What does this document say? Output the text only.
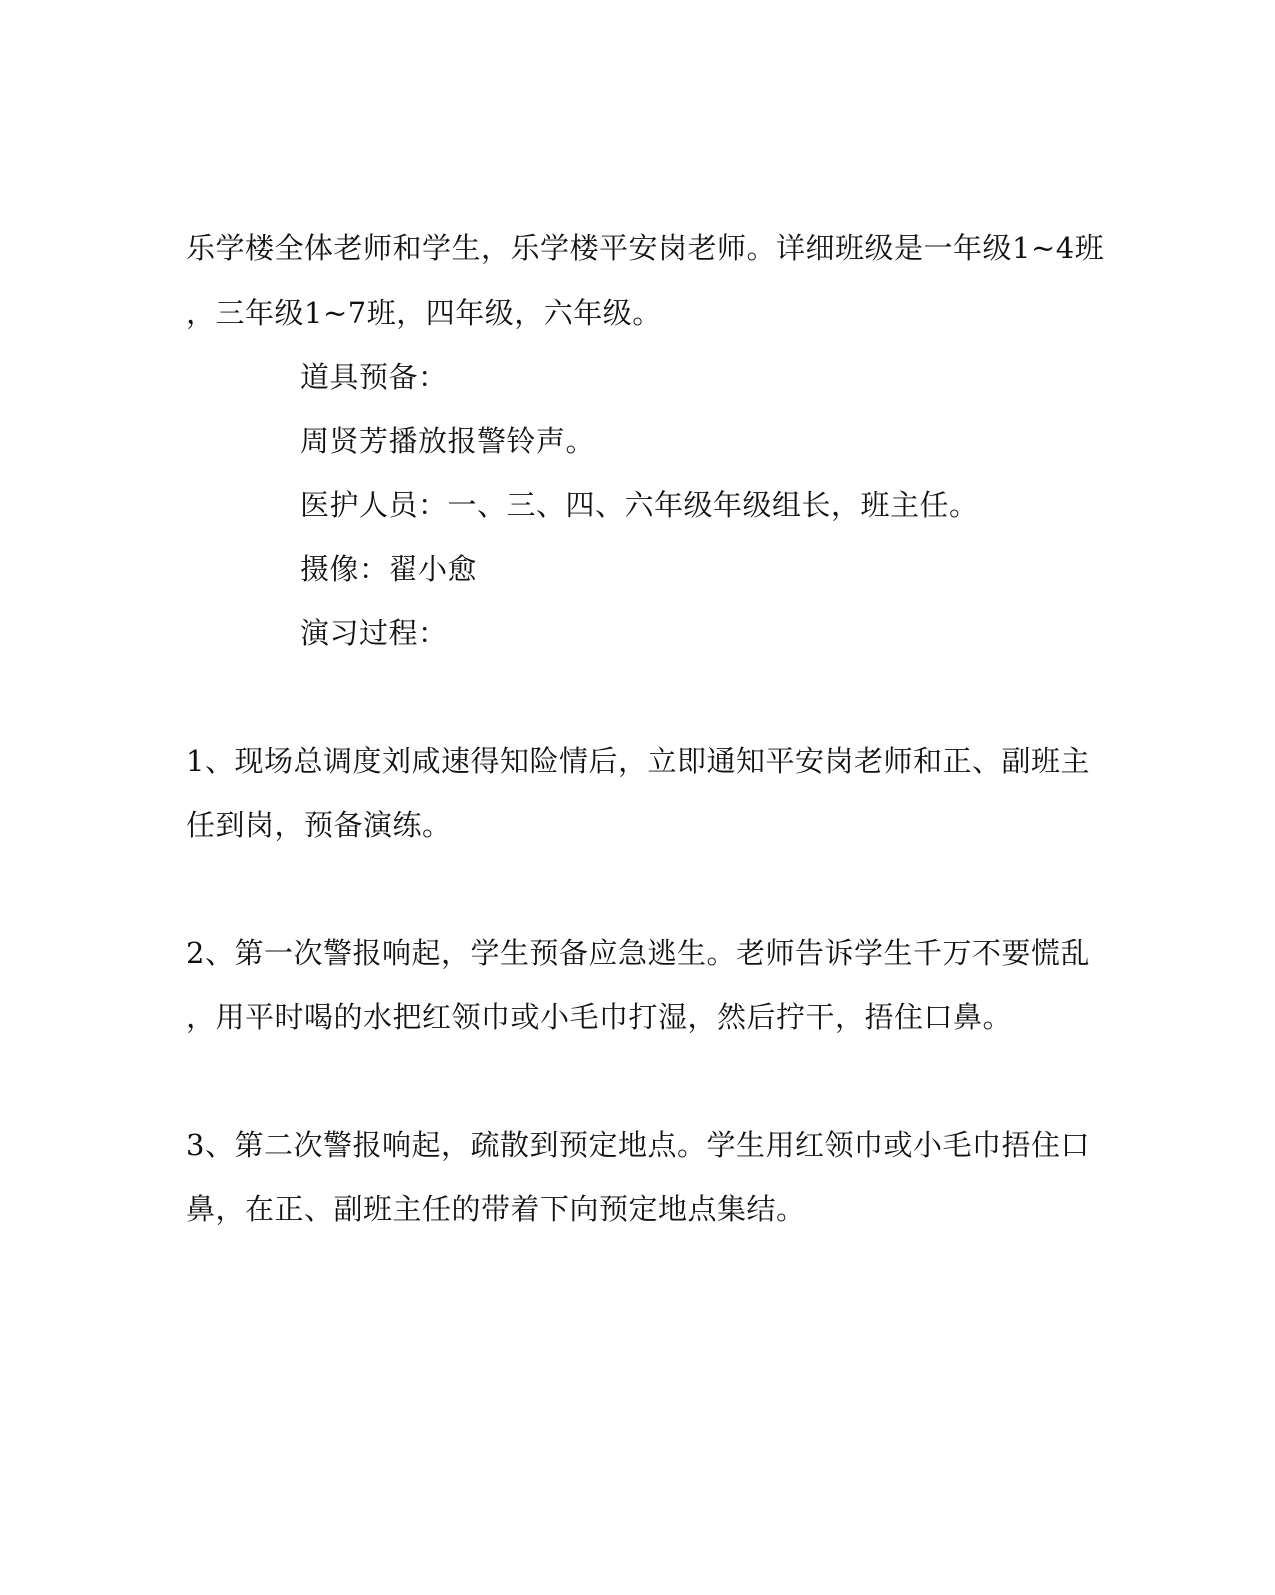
乐学楼全体老师和学生，乐学楼平安岗老师。详细班级是一年级1~4班
，三年级1~7班，四年级，六年级。
道具预备：
周贤芳播放报警铃声。
医护人员：一、三、四、六年级年级组长，班主任。
摄像：翟小愈
演习过程：
1、现场总调度刘咸速得知险情后，立即通知平安岗老师和正、副班主
任到岗，预备演练。
2、第一次警报响起，学生预备应急逃生。老师告诉学生千万不要慌乱
，用平时喝的水把红领巾或小毛巾打湿，然后拧干，捂住口鼻。
3、第二次警报响起，疏散到预定地点。学生用红领巾或小毛巾捂住口
鼻，在正、副班主任的带着下向预定地点集结。
